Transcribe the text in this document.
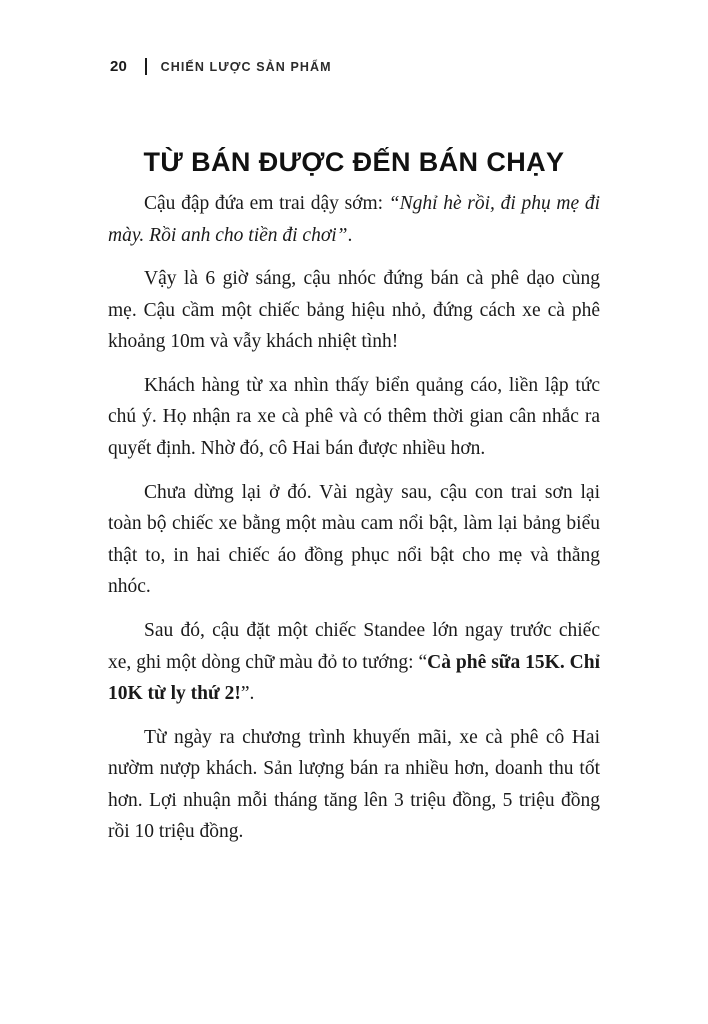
20	CHIẾN LƯỢC SẢN PHẨM
TỪ BÁN ĐƯỢC ĐẾN BÁN CHẠY

Cậu đập đứa em trai dậy sớm: “Nghỉ hè rồi, đi phụ mẹ đi mày. Rồi anh cho tiền đi chơi”.

Vậy là 6 giờ sáng, cậu nhóc đứng bán cà phê dạo cùng mẹ. Cậu cầm một chiếc bảng hiệu nhỏ, đứng cách xe cà phê khoảng 10m và vẫy khách nhiệt tình!

Khách hàng từ xa nhìn thấy biển quảng cáo, liền lập tức chú ý. Họ nhận ra xe cà phê và có thêm thời gian cân nhắc ra quyết định. Nhờ đó, cô Hai bán được nhiều hơn.

Chưa dừng lại ở đó. Vài ngày sau, cậu con trai sơn lại toàn bộ chiếc xe bằng một màu cam nổi bật, làm lại bảng biểu thật to, in hai chiếc áo đồng phục nổi bật cho mẹ và thằng nhóc.

Sau đó, cậu đặt một chiếc Standee lớn ngay trước chiếc xe, ghi một dòng chữ màu đỏ to tướng: “Cà phê sữa 15K. Chỉ 10K từ ly thứ 2!”.

Từ ngày ra chương trình khuyến mãi, xe cà phê cô Hai nườm nượp khách. Sản lượng bán ra nhiều hơn, doanh thu tốt hơn. Lợi nhuận mỗi tháng tăng lên 3 triệu đồng, 5 triệu đồng rồi 10 triệu đồng.
